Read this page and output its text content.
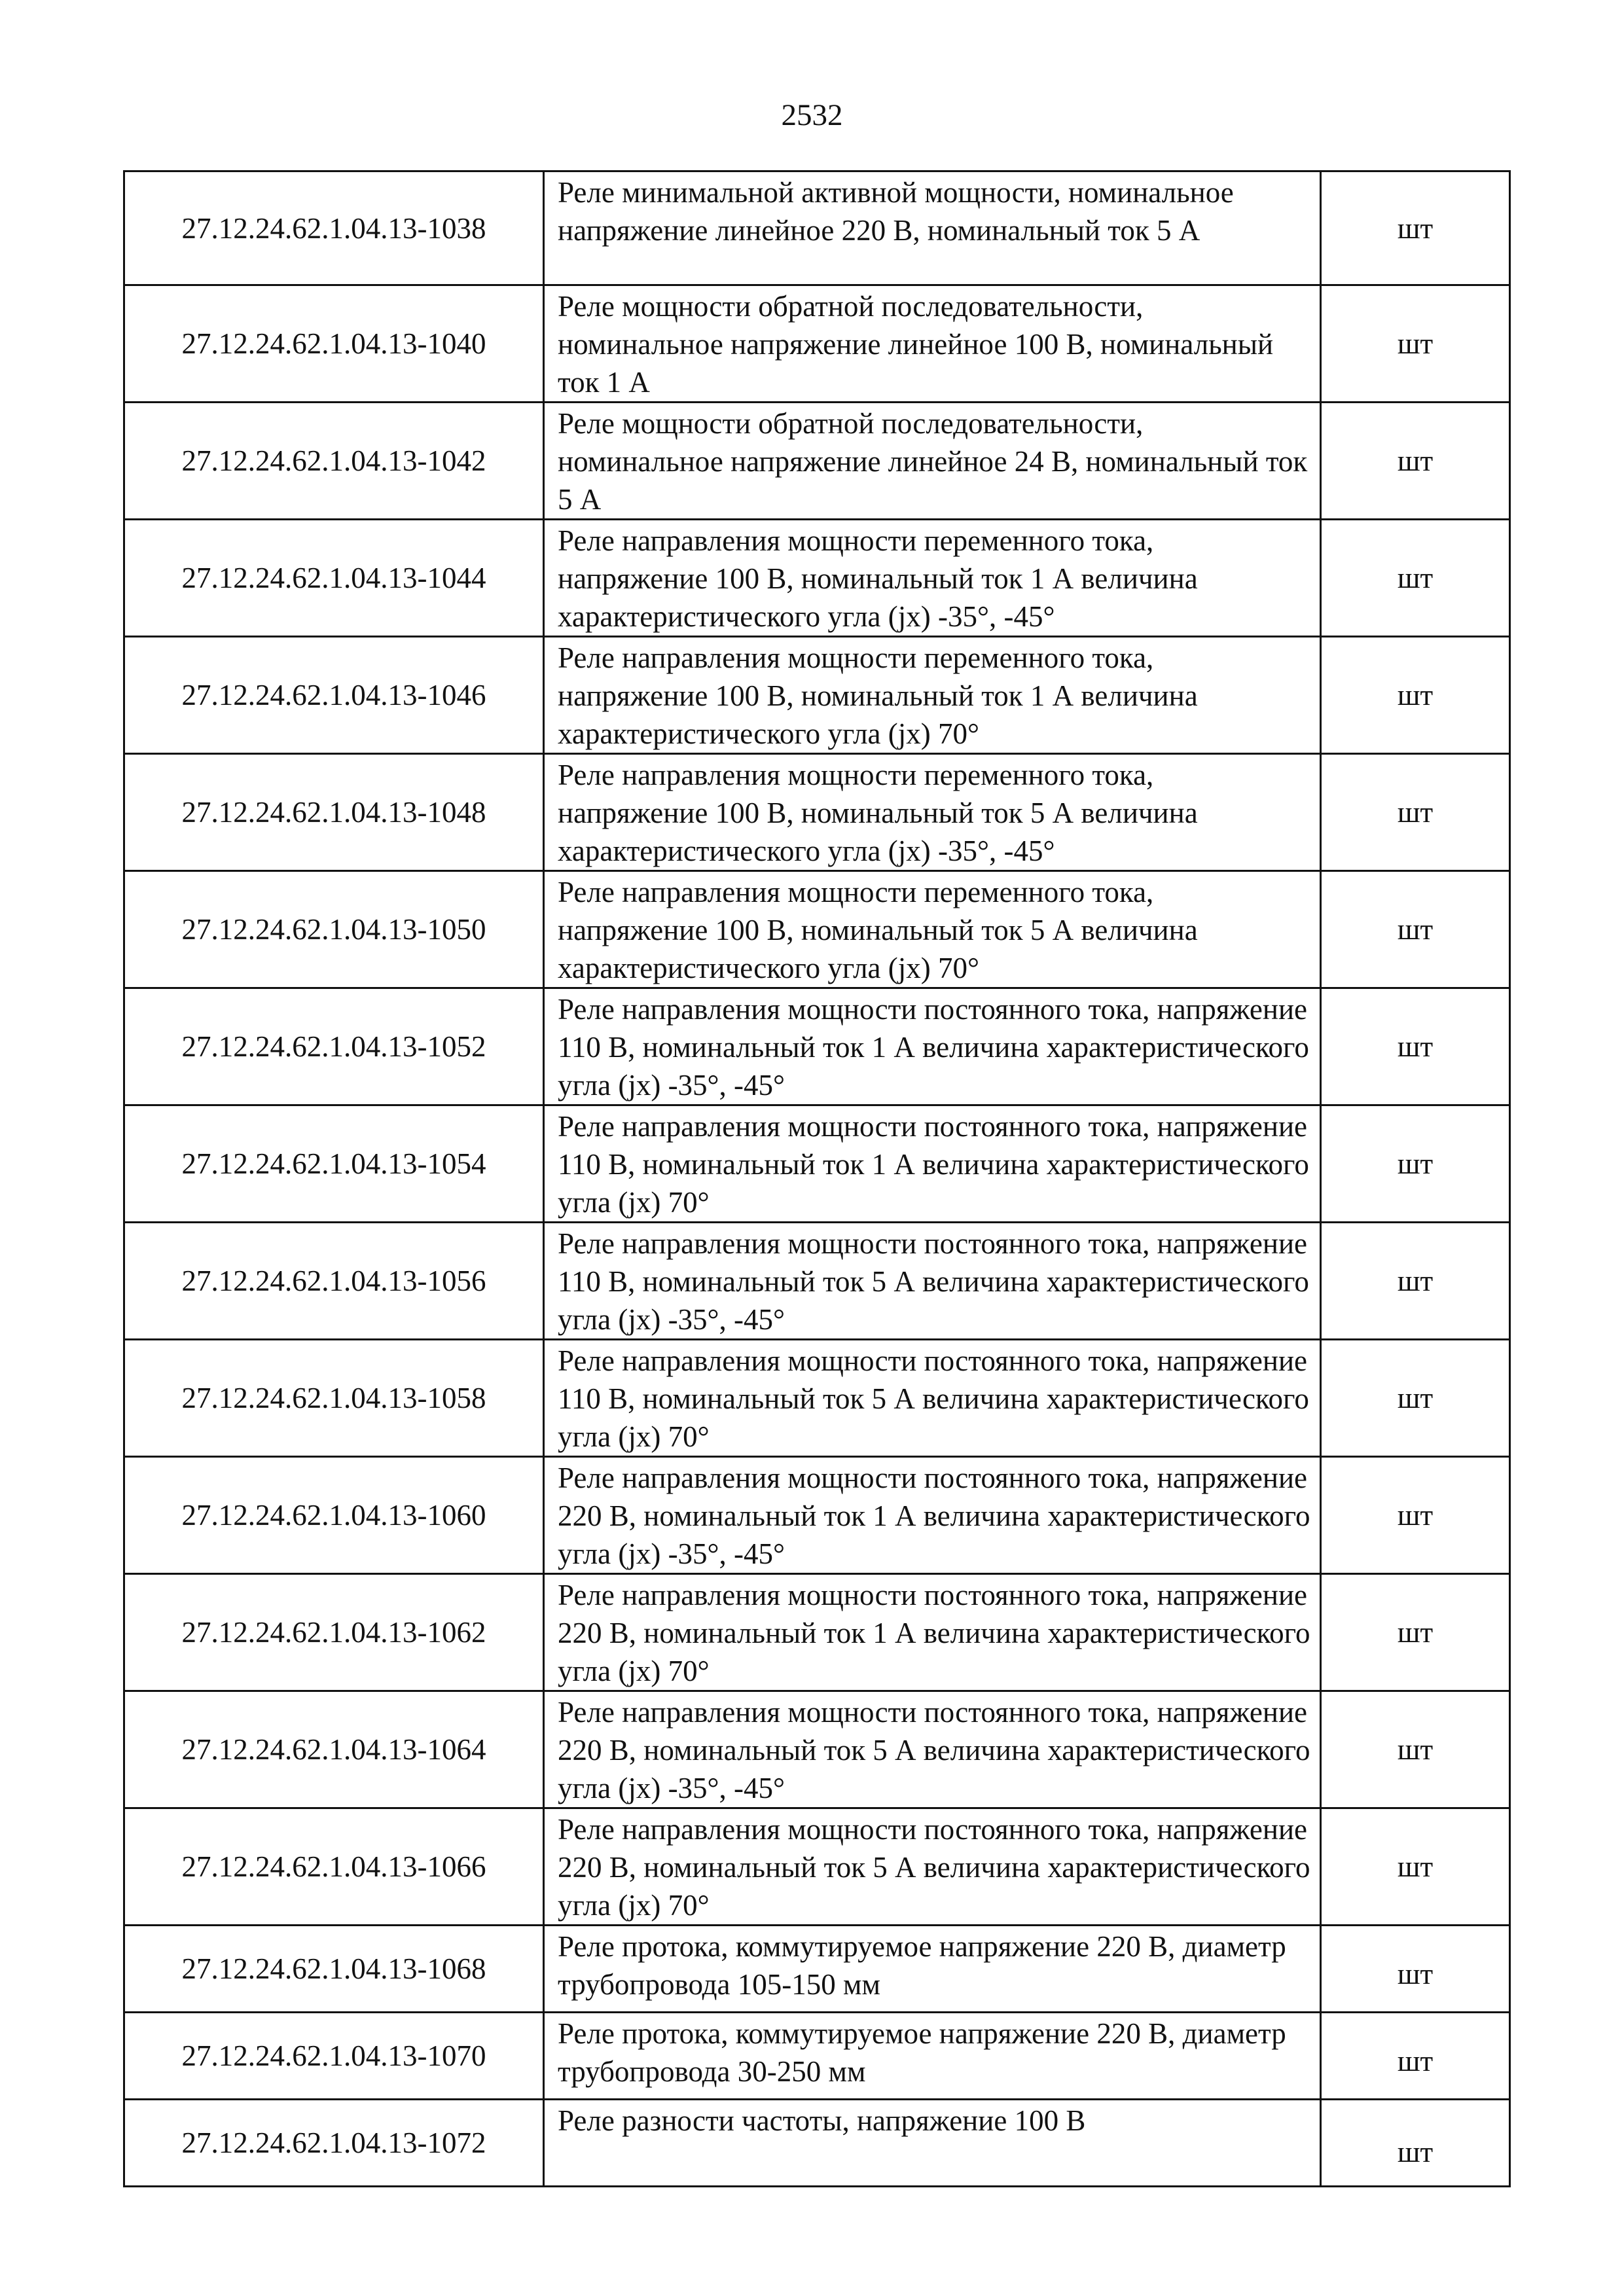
2532
27.12.24.62.1.04.13-1038	Реле минимальной активной мощности, номинальное напряжение линейное 220 В, номинальный ток 5 А	шт
27.12.24.62.1.04.13-1040	Реле мощности обратной последовательности, номинальное напряжение линейное 100 В, номинальный ток 1 А	шт
27.12.24.62.1.04.13-1042	Реле мощности обратной последовательности, номинальное напряжение линейное 24 В, номинальный ток 5 А	шт
27.12.24.62.1.04.13-1044	Реле направления мощности переменного тока, напряжение 100 В, номинальный ток 1 А величина характеристического угла (jx) -35°, -45°	шт
27.12.24.62.1.04.13-1046	Реле направления мощности переменного тока, напряжение 100 В, номинальный ток 1 А величина характеристического угла (jx) 70°	шт
27.12.24.62.1.04.13-1048	Реле направления мощности переменного тока, напряжение 100 В, номинальный ток 5 А величина характеристического угла (jx) -35°, -45°	шт
27.12.24.62.1.04.13-1050	Реле направления мощности переменного тока, напряжение 100 В, номинальный ток 5 А величина характеристического угла (jx) 70°	шт
27.12.24.62.1.04.13-1052	Реле направления мощности постоянного тока, напряжение 110 В, номинальный ток 1 А величина характеристического угла (jx) -35°, -45°	шт
27.12.24.62.1.04.13-1054	Реле направления мощности постоянного тока, напряжение 110 В, номинальный ток 1 А величина характеристического угла (jx) 70°	шт
27.12.24.62.1.04.13-1056	Реле направления мощности постоянного тока, напряжение 110 В, номинальный ток 5 А величина характеристического угла (jx) -35°, -45°	шт
27.12.24.62.1.04.13-1058	Реле направления мощности постоянного тока, напряжение 110 В, номинальный ток 5 А величина характеристического угла (jx) 70°	шт
27.12.24.62.1.04.13-1060	Реле направления мощности постоянного тока, напряжение 220 В, номинальный ток 1 А величина характеристического угла (jx) -35°, -45°	шт
27.12.24.62.1.04.13-1062	Реле направления мощности постоянного тока, напряжение 220 В, номинальный ток 1 А величина характеристического угла (jx) 70°	шт
27.12.24.62.1.04.13-1064	Реле направления мощности постоянного тока, напряжение 220 В, номинальный ток 5 А величина характеристического угла (jx) -35°, -45°	шт
27.12.24.62.1.04.13-1066	Реле направления мощности постоянного тока, напряжение 220 В, номинальный ток 5 А величина характеристического угла (jx) 70°	шт
27.12.24.62.1.04.13-1068	Реле протока, коммутируемое напряжение 220 В, диаметр трубопровода 105-150 мм	шт
27.12.24.62.1.04.13-1070	Реле протока, коммутируемое напряжение 220 В, диаметр трубопровода 30-250 мм	шт
27.12.24.62.1.04.13-1072	Реле разности частоты, напряжение 100 В	шт
